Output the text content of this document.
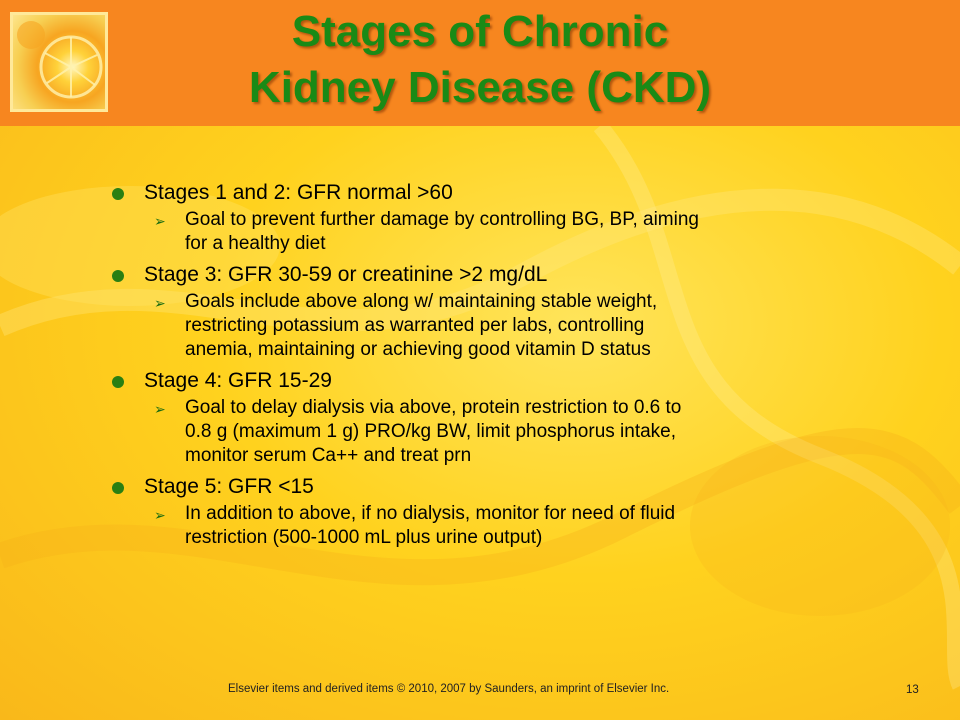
Stages of Chronic
Kidney Disease (CKD)
Stages 1 and 2: GFR normal >60
➢ Goal to prevent further damage by controlling BG, BP, aiming
for a healthy diet
Stage 3: GFR 30-59 or creatinine >2 mg/dL
➢ Goals include above along w/ maintaining stable weight,
restricting potassium as warranted per labs, controlling
anemia, maintaining or achieving good vitamin D status
Stage 4: GFR 15-29
➢ Goal to delay dialysis via above, protein restriction to 0.6 to
0.8 g (maximum 1 g) PRO/kg BW, limit phosphorus intake,
monitor serum Ca++ and treat prn
Stage 5: GFR <15
➢ In addition to above, if no dialysis, monitor for need of fluid
restriction (500-1000 mL plus urine output)
Elsevier items and derived items © 2010, 2007 by Saunders, an imprint of Elsevier Inc.	13
